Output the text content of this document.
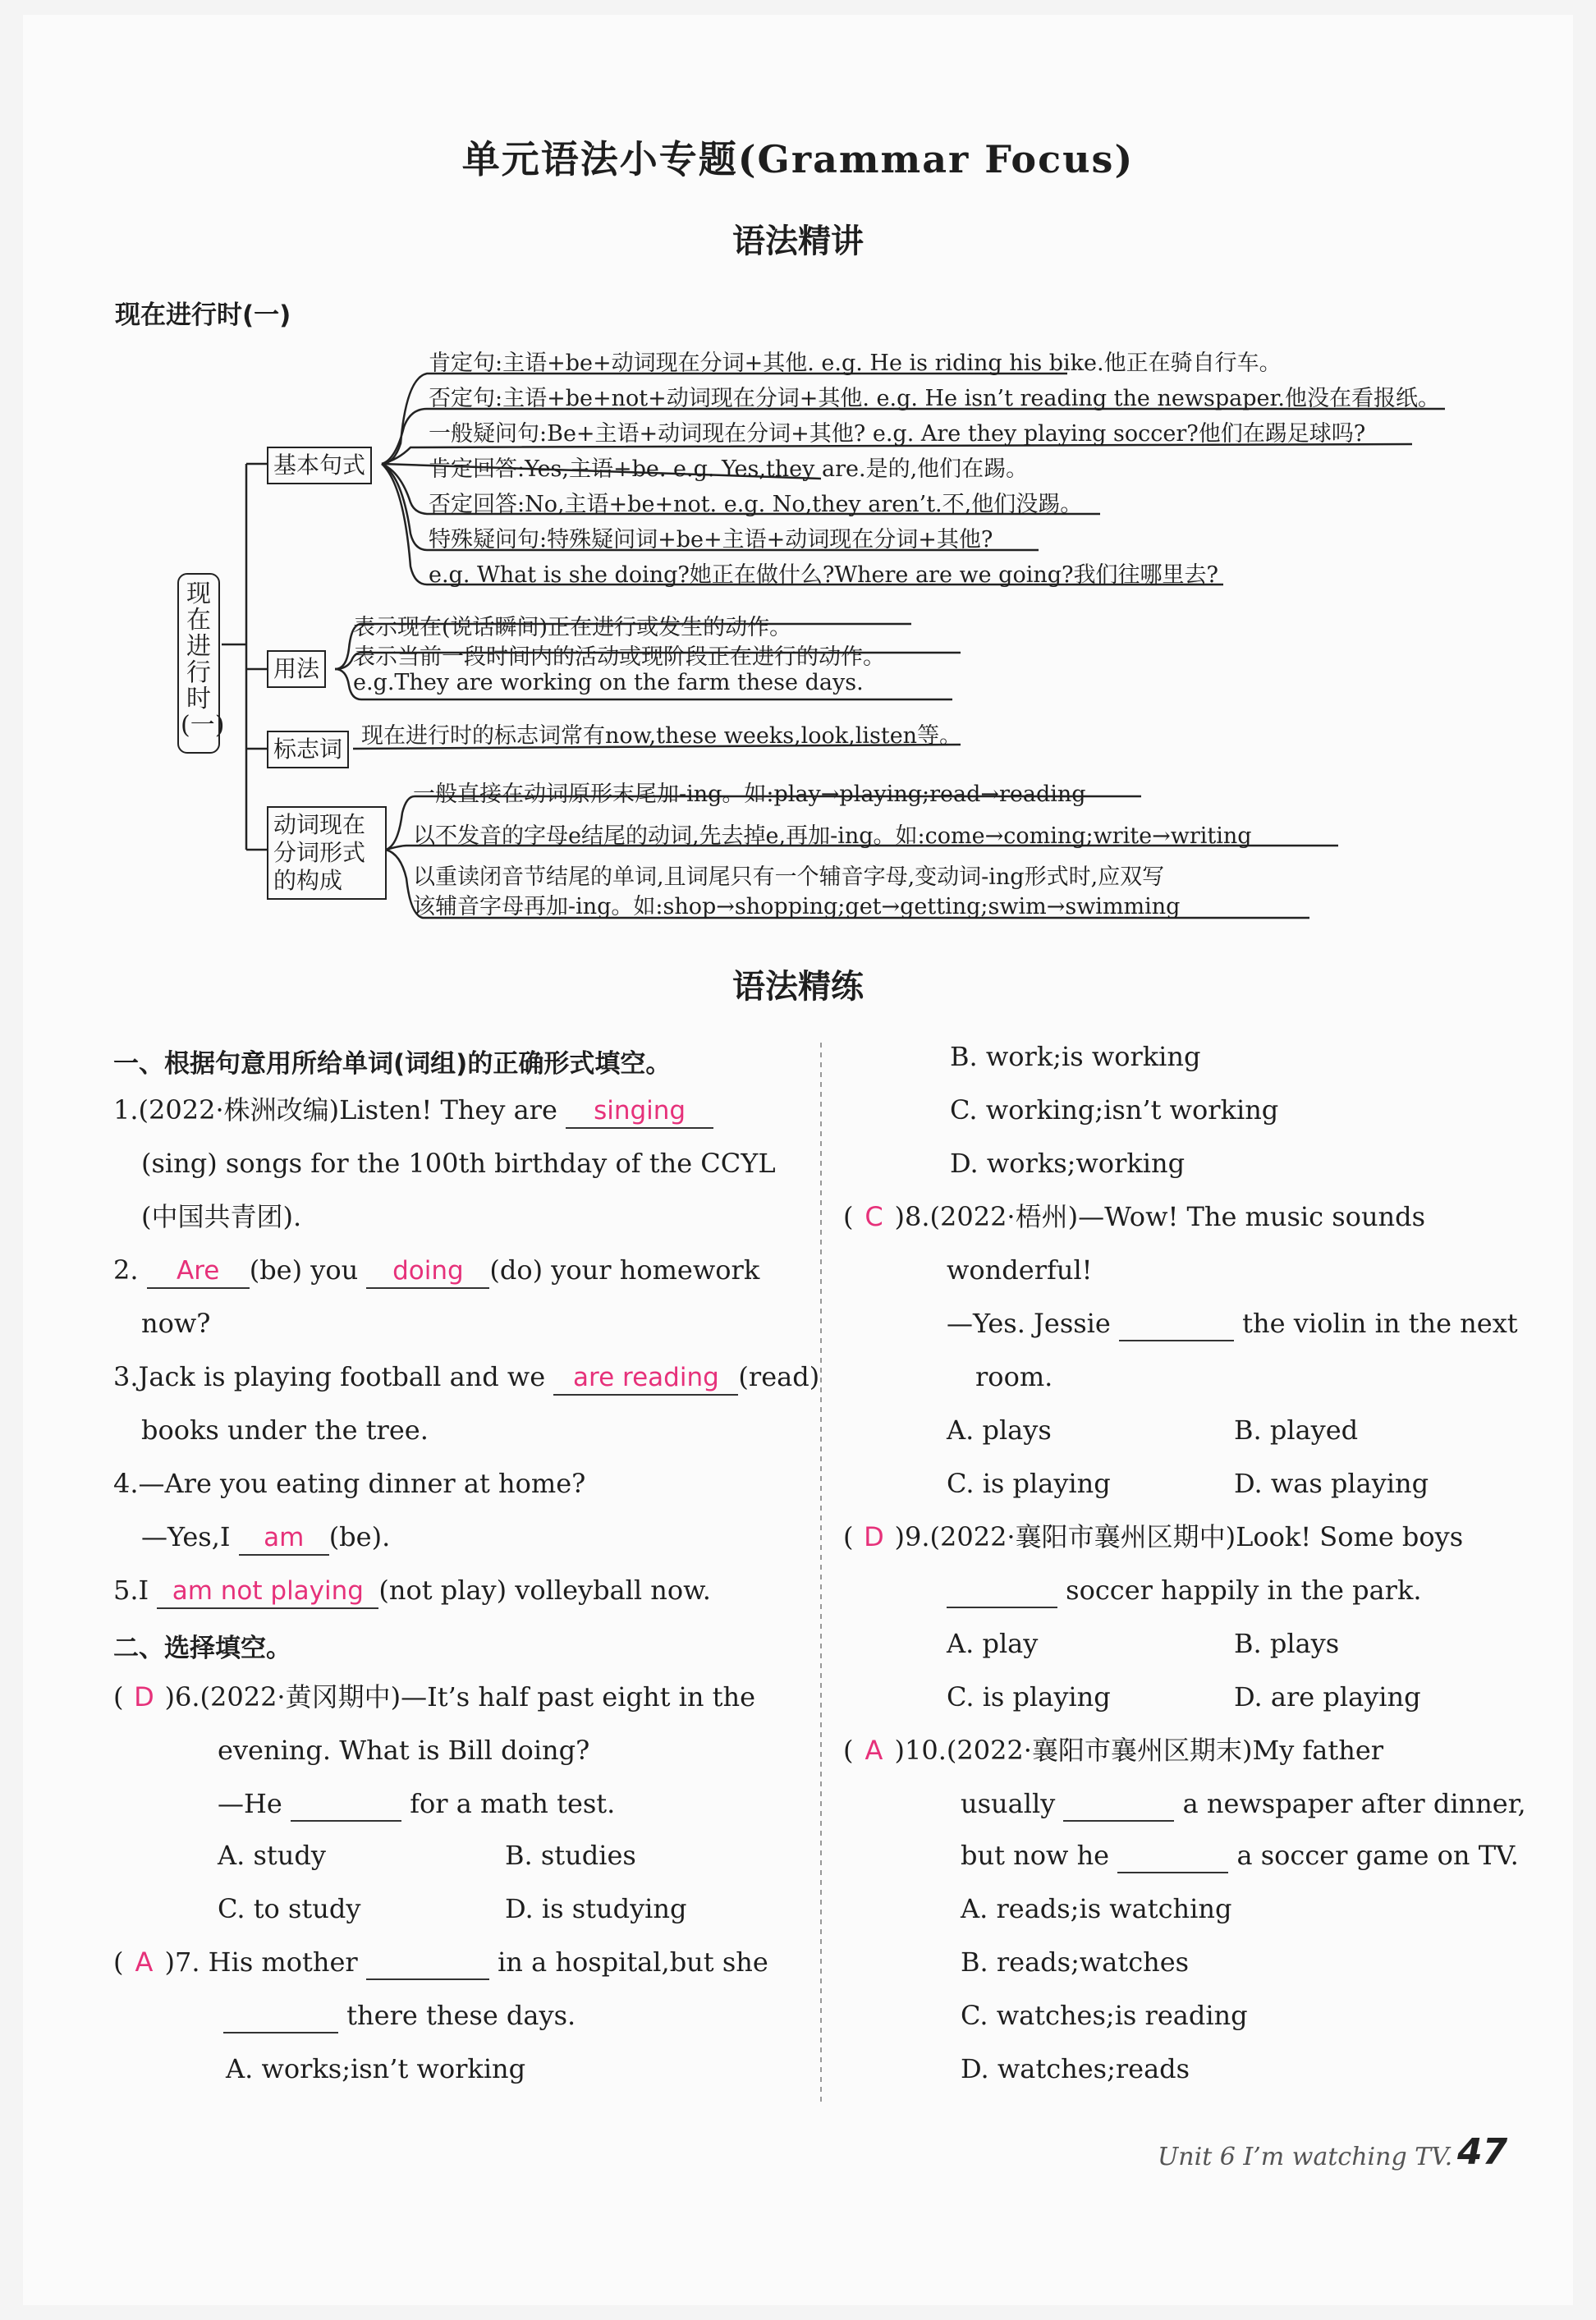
单元语法小专题(Grammar Focus)
语法精讲
现在进行时(一)
现在进行时(一)
基本句式
用法
标志词
动词现在分词形式的构成
肯定句:主语+be+动词现在分词+其他. e.g. He is riding his bike.他正在骑自行车。
否定句:主语+be+not+动词现在分词+其他. e.g. He isn’t reading the newspaper.他没在看报纸。
一般疑问句:Be+主语+动词现在分词+其他? e.g. Are they playing soccer?他们在踢足球吗?
肯定回答:Yes,主语+be. e.g. Yes,they are.是的,他们在踢。
否定回答:No,主语+be+not. e.g. No,they aren’t.不,他们没踢。
特殊疑问句:特殊疑问词+be+主语+动词现在分词+其他?
e.g. What is she doing?她正在做什么?Where are we going?我们往哪里去?
表示现在(说话瞬间)正在进行或发生的动作。
表示当前一段时间内的活动或现阶段正在进行的动作。
e.g.They are working on the farm these days.
现在进行时的标志词常有now,these weeks,look,listen等。
一般直接在动词原形末尾加-ing。如:play→playing;read→reading
以不发音的字母e结尾的动词,先去掉e,再加-ing。如:come→coming;write→writing
以重读闭音节结尾的单词,且词尾只有一个辅音字母,变动词-ing形式时,应双写
该辅音字母再加-ing。如:shop→shopping;get→getting;swim→swimming
语法精练
一、根据句意用所给单词(词组)的正确形式填空。
1.(2022·株洲改编)Listen! They are singing
(sing) songs for the 100th birthday of the CCYL
(中国共青团).
2. Are (be) you doing (do) your homework
now?
3.Jack is playing football and we are reading (read)
books under the tree.
4.—Are you eating dinner at home?
—Yes,I am (be).
5.I am not playing (not play) volleyball now.
二、选择填空。
( D )6.(2022·黄冈期中)—It’s half past eight in the
evening. What is Bill doing?
—He	for a math test.
A. study	B. studies
C. to study	D. is studying
( A )7. His mother	in a hospital,but she
there these days.
A. works;isn’t working
B. work;is working
C. working;isn’t working
D. works;working
( C )8.(2022·梧州)—Wow! The music sounds
wonderful!
—Yes. Jessie	the violin in the next
room.
A. plays	B. played
C. is playing	D. was playing
( D )9.(2022·襄阳市襄州区期中)Look! Some boys
soccer happily in the park.
A. play	B. plays
C. is playing	D. are playing
( A )10.(2022·襄阳市襄州区期末)My father
usually	a newspaper after dinner,
but now he	a soccer game on TV.
A. reads;is watching
B. reads;watches
C. watches;is reading
D. watches;reads
Unit 6 I’m watching TV. 47
